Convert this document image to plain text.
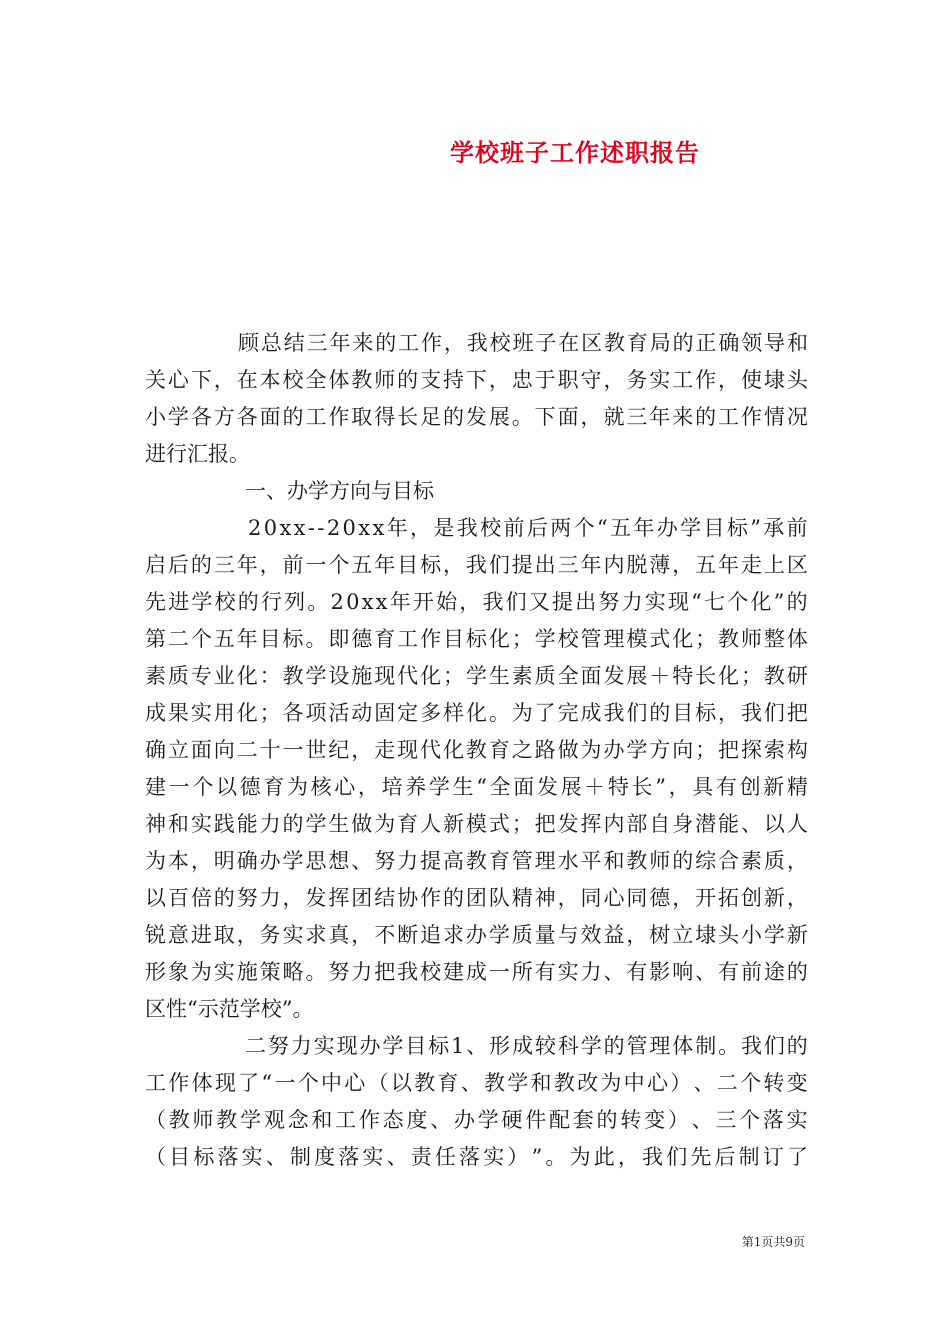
学校班子工作述职报告
顾 总 结 三 年 来 的 工 作 ， 我 校 班 子 在 区 教 育 局 的 正 确 领 导 和
关 心 下 ， 在 本 校 全 体 教 师 的 支 持 下 ， 忠 于 职 守 ， 务 实 工 作 ， 使 埭 头
小 学 各 方 各 面 的 工 作 取 得 长 足 的 发 展 。 下 面 ， 就 三 年 来 的 工 作 情 况
进行汇报。
一、办学方向与目标
2 0 x x - - 2 0 x x 年 ， 是 我 校 前 后 两 个 “ 五 年 办 学 目 标 ” 承 前
启 后 的 三 年 ， 前 一 个 五 年 目 标 ， 我 们 提 出 三 年 内 脱 薄 ， 五 年 走 上 区
先 进 学 校 的 行 列 。 2 0 x x 年 开 始 ， 我 们 又 提 出 努 力 实 现 “ 七 个 化 ” 的
第 二 个 五 年 目 标 。 即 德 育 工 作 目 标 化 ； 学 校 管 理 模 式 化 ； 教 师 整 体
素 质 专 业 化 ： 教 学 设 施 现 代 化 ； 学 生 素 质 全 面 发 展 ＋ 特 长 化 ； 教 研
成 果 实 用 化 ； 各 项 活 动 固 定 多 样 化 。 为 了 完 成 我 们 的 目 标 ， 我 们 把
确 立 面 向 二 十 一 世 纪 ， 走 现 代 化 教 育 之 路 做 为 办 学 方 向 ； 把 探 索 构
建 一 个 以 德 育 为 核 心 ， 培 养 学 生 “ 全 面 发 展 ＋ 特 长 ” ， 具 有 创 新 精
神 和 实 践 能 力 的 学 生 做 为 育 人 新 模 式 ； 把 发 挥 内 部 自 身 潜 能 、 以 人
为 本 ， 明 确 办 学 思 想 、 努 力 提 高 教 育 管 理 水 平 和 教 师 的 综 合 素 质 ，
以 百 倍 的 努 力 ， 发 挥 团 结 协 作 的 团 队 精 神 ， 同 心 同 德 ， 开 拓 创 新 ，
锐 意 进 取 ， 务 实 求 真 ， 不 断 追 求 办 学 质 量 与 效 益 ， 树 立 埭 头 小 学 新
形 象 为 实 施 策 略 。 努 力 把 我 校 建 成 一 所 有 实 力 、 有 影 响 、 有 前 途 的
区性“示范学校”。
二 努 力 实 现 办 学 目 标 1 、 形 成 较 科 学 的 管 理 体 制 。 我 们 的
工 作 体 现 了 “ 一 个 中 心 （ 以 教 育 、 教 学 和 教 改 为 中 心 ） 、 二 个 转 变
（ 教 师 教 学 观 念 和 工 作 态 度 、 办 学 硬 件 配 套 的 转 变 ） 、 三 个 落 实
（ 目 标 落 实 、 制 度 落 实 、 责 任 落 实 ） ” 。 为 此 ， 我 们 先 后 制 订 了
第1页共9页
